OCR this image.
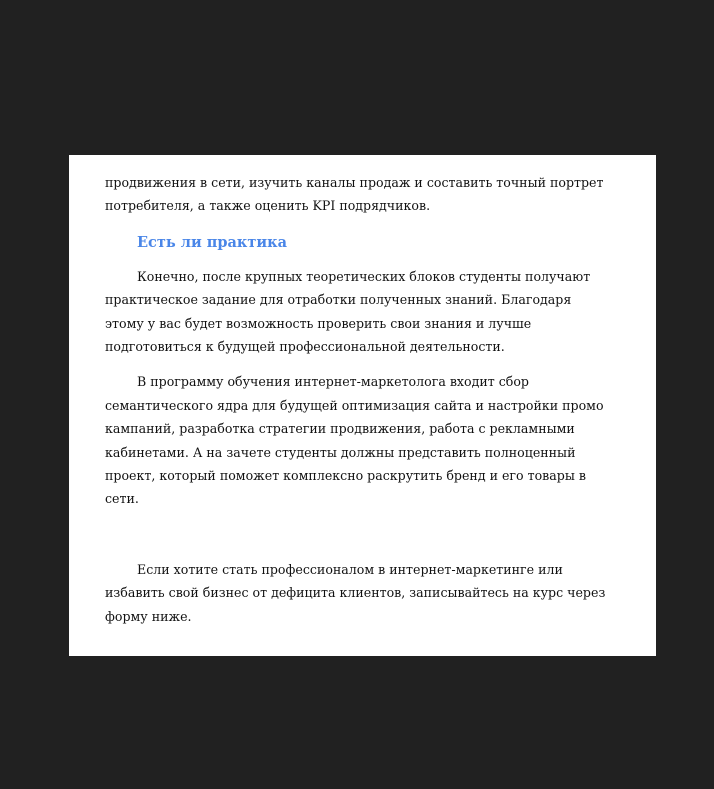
продвижения в сети, изучить каналы продаж и составить точный портрет потребителя, а также оценить KPI подрядчиков.

Есть ли практика

Конечно, после крупных теоретических блоков студенты получают практическое задание для отработки полученных знаний. Благодаря этому у вас будет возможность проверить свои знания и лучше подготовиться к будущей профессиональной деятельности.

В программу обучения интернет-маркетолога входит сбор семантического ядра для будущей оптимизация сайта и настройки промо кампаний, разработка стратегии продвижения, работа с рекламными кабинетами. А на зачете студенты должны представить полноценный проект, который поможет комплексно раскрутить бренд и его товары в сети.

Если хотите стать профессионалом в интернет-маркетинге или избавить свой бизнес от дефицита клиентов, записывайтесь на курс через форму ниже.
